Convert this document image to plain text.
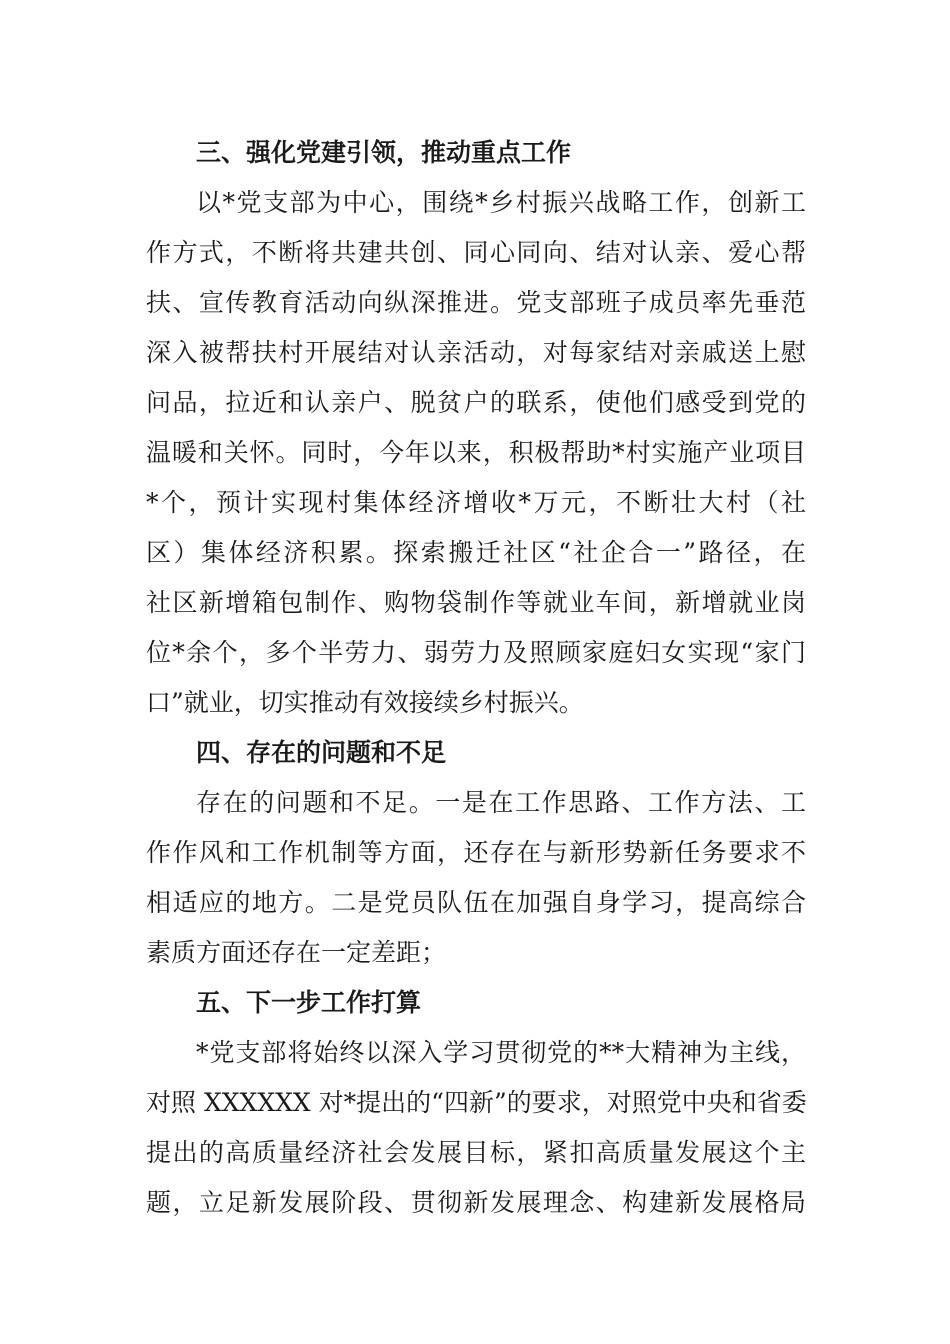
三、强化党建引领，推动重点工作

以*党支部为中心，围绕*乡村振兴战略工作，创新工
作方式，不断将共建共创、同心同向、结对认亲、爱心帮
扶、宣传教育活动向纵深推进。党支部班子成员率先垂范
深入被帮扶村开展结对认亲活动，对每家结对亲戚送上慰
问品，拉近和认亲户、脱贫户的联系，使他们感受到党的
温暖和关怀。同时，今年以来，积极帮助*村实施产业项目
*个，预计实现村集体经济增收*万元，不断壮大村（社
区）集体经济积累。探索搬迁社区“社企合一”路径，在
社区新增箱包制作、购物袋制作等就业车间，新增就业岗
位*余个，多个半劳力、弱劳力及照顾家庭妇女实现“家门
口”就业，切实推动有效接续乡村振兴。

四、存在的问题和不足

存在的问题和不足。一是在工作思路、工作方法、工
作作风和工作机制等方面，还存在与新形势新任务要求不
相适应的地方。二是党员队伍在加强自身学习，提高综合
素质方面还存在一定差距；

五、下一步工作打算

*党支部将始终以深入学习贯彻党的**大精神为主线，
对照 XXXXXX 对*提出的“四新”的要求，对照党中央和省委
提出的高质量经济社会发展目标，紧扣高质量发展这个主
题，立足新发展阶段、贯彻新发展理念、构建新发展格局
